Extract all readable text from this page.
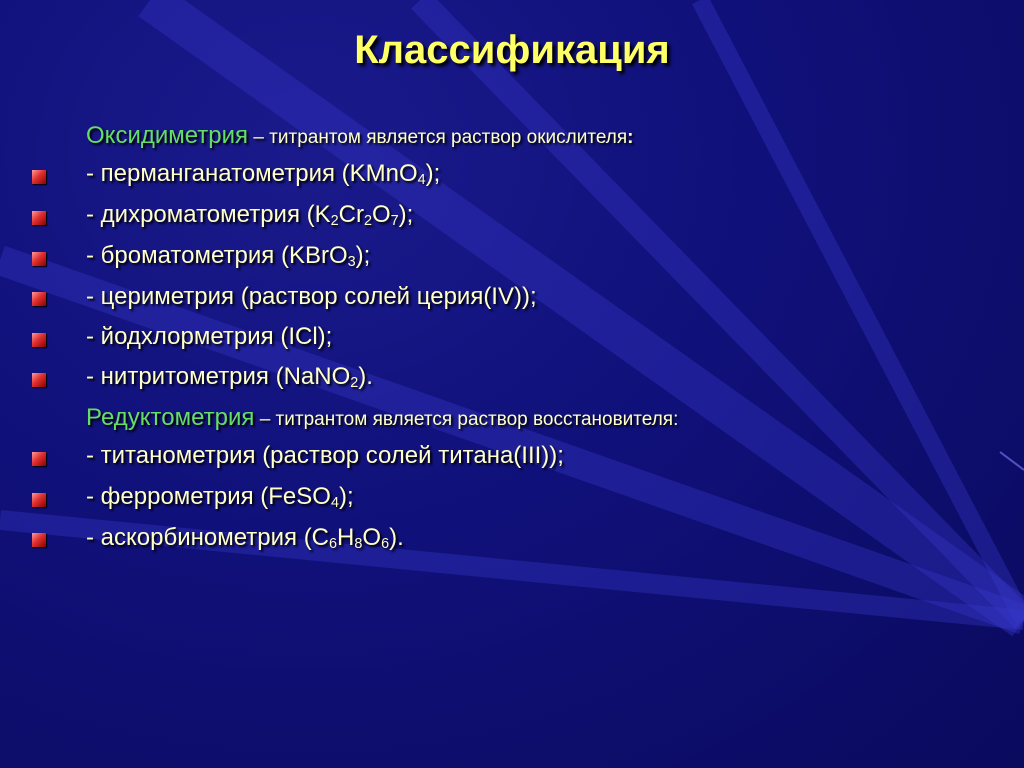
Классификация
Оксидиметрия – титрантом является раствор окислителя:
- перманганатометрия (KMnO$_4$);
- дихроматометрия $(K_2Cr_2O_7)$;
- броматометрия (KBrO$_3$);
- цериметрия (раствор солей церия(IV));
- йодхлорметрия (ICl);
- нитритометрия (NaNO$_2$).
Редуктометрия – титрантом является раствор восстановителя:
- титанометрия (раствор солей титана(III));
- феррометрия (FeSO$_4$);
- аскорбинометрия $(C_6H_8O_6)$.
